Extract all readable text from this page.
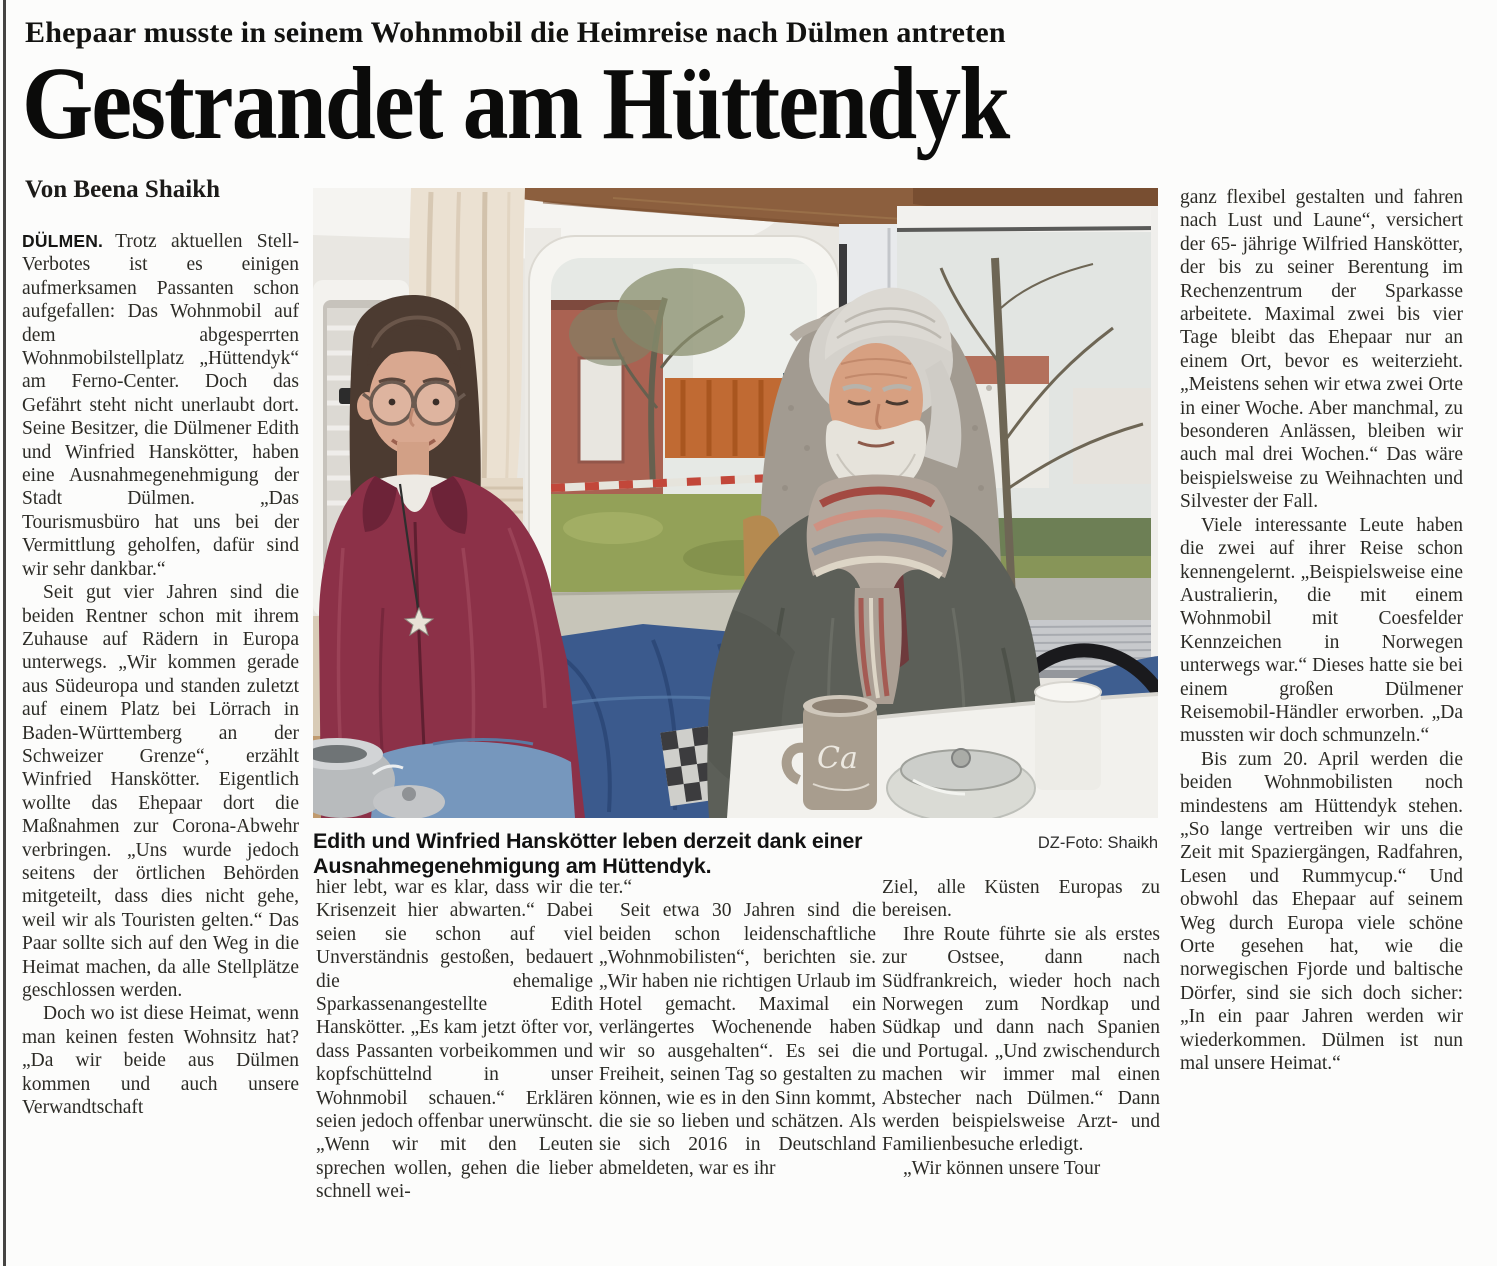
Ehepaar musste in seinem Wohnmobil die Heimreise nach Dülmen antreten
Gestrandet am Hüttendyk
Von Beena Shaikh

DÜLMEN. Trotz aktuellen Stell-Verbotes ist es einigen aufmerksamen Passanten schon aufgefallen: Das Wohnmobil auf dem abgesperrten Wohnmobilstellplatz „Hüttendyk“ am Ferno-Center. Doch das Gefährt steht nicht unerlaubt dort. Seine Besitzer, die Dülmener Edith und Winfried Hanskötter, haben eine Ausnahmegenehmigung der Stadt Dülmen. „Das Tourismusbüro hat uns bei der Vermittlung geholfen, dafür sind wir sehr dankbar.“

Seit gut vier Jahren sind die beiden Rentner schon mit ihrem Zuhause auf Rädern in Europa unterwegs. „Wir kommen gerade aus Südeuropa und standen zuletzt auf einem Platz bei Lörrach in Baden-Württemberg an der Schweizer Grenze“, erzählt Winfried Hanskötter. Eigentlich wollte das Ehepaar dort die Maßnahmen zur Corona-Abwehr verbringen. „Uns wurde jedoch seitens der örtlichen Behörden mitgeteilt, dass dies nicht gehe, weil wir als Touristen gelten.“ Das Paar sollte sich auf den Weg in die Heimat machen, da alle Stellplätze geschlossen werden.

Doch wo ist diese Heimat, wenn man keinen festen Wohnsitz hat? „Da wir beide aus Dülmen kommen und auch unsere Verwandtschaft

Ca
Edith und Winfried Hanskötter leben derzeit dank einer Ausnahmegenehmigung am Hüttendyk.
DZ-Foto: Shaikh

hier lebt, war es klar, dass wir die Krisenzeit hier abwarten.“ Dabei seien sie schon auf viel Unverständnis gestoßen, bedauert die ehemalige Sparkassenangestellte Edith Hanskötter. „Es kam jetzt öfter vor, dass Passanten vorbeikommen und kopfschüttelnd in unser Wohnmobil schauen.“ Erklären seien jedoch offenbar unerwünscht. „Wenn wir mit den Leuten sprechen wollen, gehen die lieber schnell wei-

ter.“

Seit etwa 30 Jahren sind die beiden schon leidenschaftliche „Wohnmobilisten“, berichten sie. „Wir haben nie richtigen Urlaub im Hotel gemacht. Maximal ein verlängertes Wochenende haben wir so ausgehalten“. Es sei die Freiheit, seinen Tag so gestalten zu können, wie es in den Sinn kommt, die sie so lieben und schätzen. Als sie sich 2016 in Deutschland abmeldeten, war es ihr

Ziel, alle Küsten Europas zu bereisen.

Ihre Route führte sie als erstes zur Ostsee, dann nach Südfrankreich, wieder hoch nach Norwegen zum Nordkap und Südkap und dann nach Spanien und Portugal. „Und zwischendurch machen wir immer mal einen Abstecher nach Dülmen.“ Dann werden beispielsweise Arzt- und Familienbesuche erledigt.

„Wir können unsere Tour

ganz flexibel gestalten und fahren nach Lust und Laune“, versichert der 65- jährige Wilfried Hanskötter, der bis zu seiner Berentung im Rechenzentrum der Sparkasse arbeitete. Maximal zwei bis vier Tage bleibt das Ehepaar nur an einem Ort, bevor es weiterzieht. „Meistens sehen wir etwa zwei Orte in einer Woche. Aber manchmal, zu besonderen Anlässen, bleiben wir auch mal drei Wochen.“ Das wäre beispielsweise zu Weihnachten und Silvester der Fall.

Viele interessante Leute haben die zwei auf ihrer Reise schon kennengelernt. „Beispielsweise eine Australierin, die mit einem Wohnmobil mit Coesfelder Kennzeichen in Norwegen unterwegs war.“ Dieses hatte sie bei einem großen Dülmener Reisemobil-Händler erworben. „Da mussten wir doch schmunzeln.“

Bis zum 20. April werden die beiden Wohnmobilisten noch mindestens am Hüttendyk stehen. „So lange vertreiben wir uns die Zeit mit Spaziergängen, Radfahren, Lesen und Rummycup.“ Und obwohl das Ehepaar auf seinem Weg durch Europa viele schöne Orte gesehen hat, wie die norwegischen Fjorde und baltische Dörfer, sind sie sich doch sicher: „In ein paar Jahren werden wir wiederkommen. Dülmen ist nun mal unsere Heimat.“
